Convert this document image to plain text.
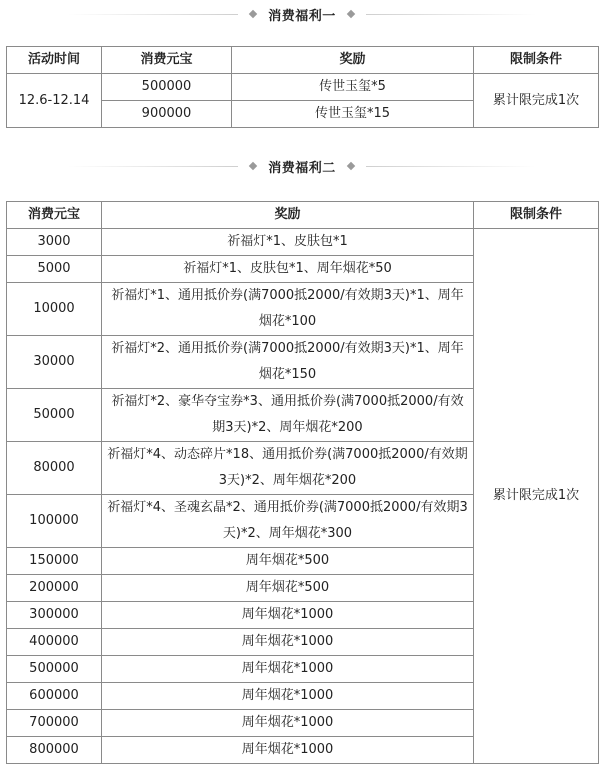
消费福利一
活动时间	消费元宝	奖励	限制条件
12.6-12.14	500000	传世玉玺*5	累计限完成1次
	900000	传世玉玺*15	
消费福利二
消费元宝	奖励	限制条件
3000	祈福灯*1、皮肤包*1	累计限完成1次
5000	祈福灯*1、皮肤包*1、周年烟花*50	
10000	祈福灯*1、通用抵价券(满7000抵2000/有效期3天)*1、周年烟花*100	
30000	祈福灯*2、通用抵价券(满7000抵2000/有效期3天)*1、周年烟花*150	
50000	祈福灯*2、豪华夺宝券*3、通用抵价券(满7000抵2000/有效期3天)*2、周年烟花*200	
80000	祈福灯*4、动态碎片*18、通用抵价券(满7000抵2000/有效期3天)*2、周年烟花*200	
100000	祈福灯*4、圣魂玄晶*2、通用抵价券(满7000抵2000/有效期3天)*2、周年烟花*300	
150000	周年烟花*500	
200000	周年烟花*500	
300000	周年烟花*1000	
400000	周年烟花*1000	
500000	周年烟花*1000	
600000	周年烟花*1000	
700000	周年烟花*1000	
800000	周年烟花*1000	
